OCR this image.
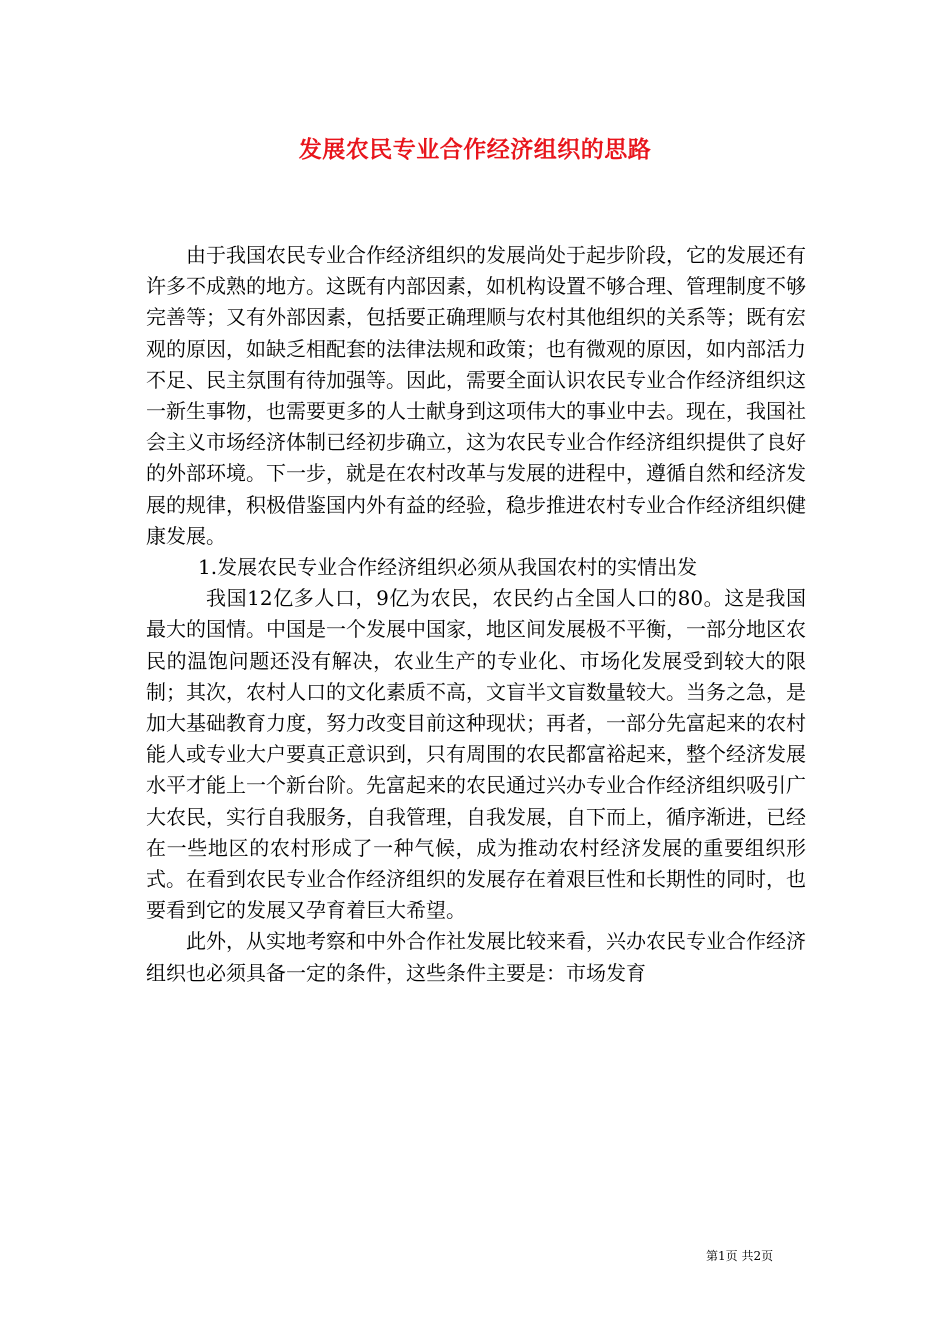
发展农民专业合作经济组织的思路

由于我国农民专业合作经济组织的发展尚处于起步阶段，它的发展还有许多不成熟的地方。这既有内部因素，如机构设置不够合理、管理制度不够完善等；又有外部因素，包括要正确理顺与农村其他组织的关系等；既有宏观的原因，如缺乏相配套的法律法规和政策；也有微观的原因，如内部活力不足、民主氛围有待加强等。因此，需要全面认识农民专业合作经济组织这一新生事物，也需要更多的人士献身到这项伟大的事业中去。现在，我国社会主义市场经济体制已经初步确立，这为农民专业合作经济组织提供了良好的外部环境。下一步，就是在农村改革与发展的进程中，遵循自然和经济发展的规律，积极借鉴国内外有益的经验，稳步推进农村专业合作经济组织健康发展。

1.发展农民专业合作经济组织必须从我国农村的实情出发

我国12亿多人口，9亿为农民，农民约占全国人口的80。这是我国最大的国情。中国是一个发展中国家，地区间发展极不平衡，一部分地区农民的温饱问题还没有解决，农业生产的专业化、市场化发展受到较大的限制；其次，农村人口的文化素质不高，文盲半文盲数量较大。当务之急，是加大基础教育力度，努力改变目前这种现状；再者，一部分先富起来的农村能人或专业大户要真正意识到，只有周围的农民都富裕起来，整个经济发展水平才能上一个新台阶。先富起来的农民通过兴办专业合作经济组织吸引广大农民，实行自我服务，自我管理，自我发展，自下而上，循序渐进，已经在一些地区的农村形成了一种气候，成为推动农村经济发展的重要组织形式。在看到农民专业合作经济组织的发展存在着艰巨性和长期性的同时，也要看到它的发展又孕育着巨大希望。

此外，从实地考察和中外合作社发展比较来看，兴办农民专业合作经济组织也必须具备一定的条件，这些条件主要是：市场发育

第1页 共2页
